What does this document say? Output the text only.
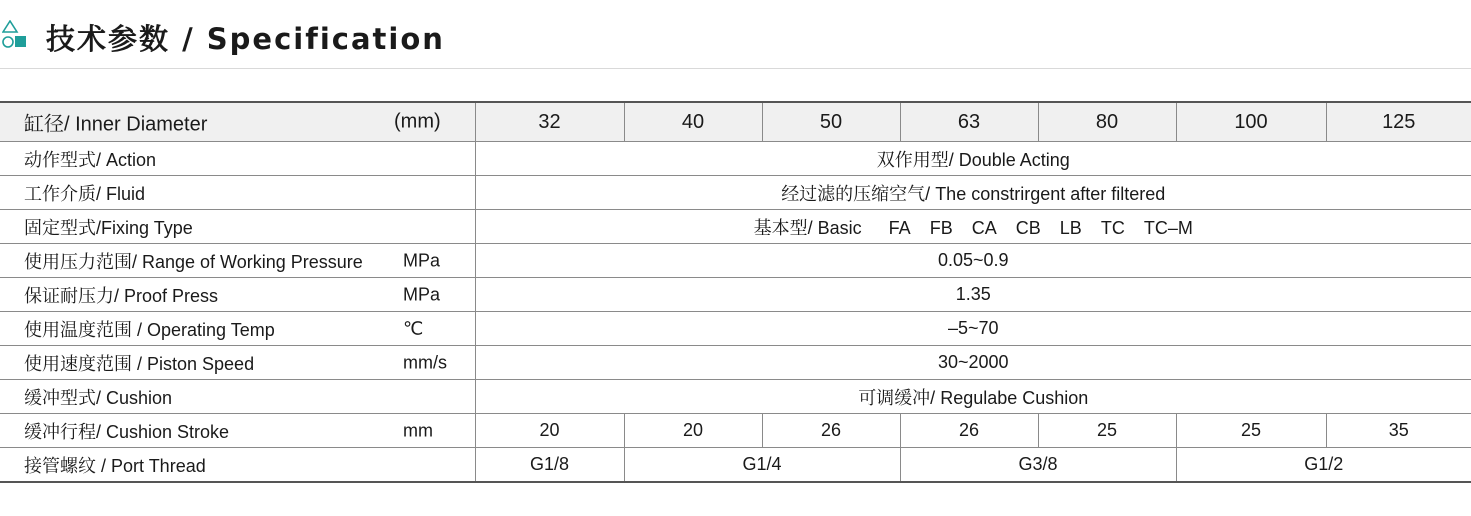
技术参数 / Specification
缸径/ Inner Diameter (mm)	32	40	50	63	80	100	125

动作型式/ Action	双作用型/ Double Acting						

工作介质/ Fluid	经过滤的压缩空气/ The constrirgent after filtered						

固定型式/Fixing Type	基本型/ Basic FA FB CA CB LB TC TC–M						

使用压力范围/ Range of Working Pressure MPa	0.05~0.9						

保证耐压力/ Proof Press MPa	1.35						

使用温度范围 / Operating Temp ℃	–5~70						

使用速度范围 / Piston Speed mm/s	30~2000						

缓冲型式/ Cushion	可调缓冲/ Regulabe Cushion						

缓冲行程/ Cushion Stroke mm	20	20	26	26	25	25	35

接管螺纹 / Port Thread	G1/8	G1/4		G3/8		G1/2	
